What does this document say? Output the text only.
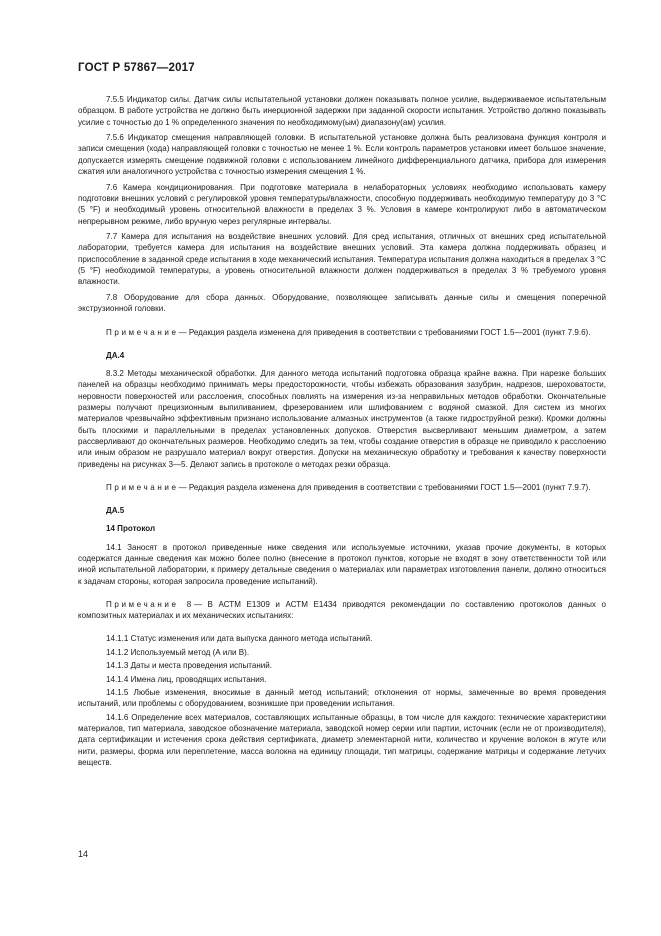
ГОСТ Р 57867—2017

7.5.5 Индикатор силы. Датчик силы испытательной установки должен показывать полное усилие, выдерживаемое испытательным образцом. В работе устройства не должно быть инерционной задержки при заданной скорости испытания. Устройство должно показывать усилие с точностью до 1 % определенного значения по необходимому(ым) диапазону(ам) усилия.

7.5.6 Индикатор смещения направляющей головки. В испытательной установке должна быть реализована функция контроля и записи смещения (хода) направляющей головки с точностью не менее 1 %. Если контроль параметров установки имеет большое значение, допускается измерять смещение подвижной головки с использованием линейного дифференциального датчика, прибора для измерения сжатия или аналогичного устройства с точностью измерения смещения 1 %.

7.6 Камера кондиционирования. При подготовке материала в нелабораторных условиях необходимо использовать камеру подготовки внешних условий с регулировкой уровня температуры/влажности, способную поддерживать необходимую температуру до 3 °С (5 °F) и необходимый уровень относительной влажности в пределах 3 %. Условия в камере контролируют либо в автоматическом непрерывном режиме, либо вручную через регулярные интервалы.

7.7 Камера для испытания на воздействие внешних условий. Для сред испытания, отличных от внешних сред испытательной лаборатории, требуется камера для испытания на воздействие внешних условий. Эта камера должна поддерживать образец и приспособление в заданной среде испытания в ходе механический испытания. Температура испытания должна находиться в пределах 3 °С (5 °F) необходимой температуры, а уровень относительной влажности должен поддерживаться в пределах 3 % требуемого уровня влажности.

7.8 Оборудование для сбора данных. Оборудование, позволяющее записывать данные силы и смещения поперечной экструзионной головки.

Примечание— Редакция раздела изменена для приведения в соответствии с требованиями ГОСТ 1.5—2001 (пункт 7.9.6).

ДА.4

8.3.2 Методы механической обработки. Для данного метода испытаний подготовка образца крайне важна. При нарезке больших панелей на образцы необходимо принимать меры предосторожности, чтобы избежать образования зазубрин, надрезов, шероховатости, неровности поверхностей или расслоения, способных повлиять на измерения из-за неправильных методов обработки. Окончательные размеры получают прецизионным выпиливанием, фрезерованием или шлифованием с водяной смазкой. Для систем из многих материалов чрезвычайно эффективным признано использование алмазных инструментов (а также гидроструйной резки). Кромки должны быть плоскими и параллельными в пределах установленных допусков. Отверстия высверливают меньшим диаметром, а затем рассверливают до окончательных размеров. Необходимо следить за тем, чтобы создание отверстия в образце не приводило к расслоению или иным образом не разрушало материал вокруг отверстия. Допуски на механическую обработку и требования к качеству поверхности приведены на рисунках 3—5. Делают запись в протоколе о методах резки образца.

Примечание— Редакция раздела изменена для приведения в соответствии с требованиями ГОСТ 1.5—2001 (пункт 7.9.7).

ДА.5
14 Протокол

14.1 Заносят в протокол приведенные ниже сведения или используемые источники, указав прочие документы, в которых содержатся данные сведения как можно более полно (внесение в протокол пунктов, которые не входят в зону ответственности той или иной испытательной лаборатории, к примеру детальные сведения о материалах или параметрах изготовления панели, должно относиться к задачам стороны, которая запросила проведение испытаний).

Примечание 8— В АСТМ Е1309 и АСТМ Е1434 приводятся рекомендации по составлению протоколов данных о композитных материалах и их механических испытаниях:

14.1.1 Статус изменения или дата выпуска данного метода испытаний.

14.1.2 Используемый метод (А или В).

14.1.3 Даты и места проведения испытаний.

14.1.4 Имена лиц, проводящих испытания.

14.1.5 Любые изменения, вносимые в данный метод испытаний; отклонения от нормы, замеченные во время проведения испытаний, или проблемы с оборудованием, возникшие при проведении испытания.

14.1.6 Определение всех материалов, составляющих испытанные образцы, в том числе для каждого: технические характеристики материалов, тип материала, заводское обозначение материала, заводской номер серии или партии, источник (если не от производителя), дата сертификации и истечения срока действия сертификата, диаметр элементарной нити, количество и кручение волокон в жгуте или нити, размеры, форма или переплетение, масса волокна на единицу площади, тип матрицы, содержание матрицы и содержание летучих веществ.

14
